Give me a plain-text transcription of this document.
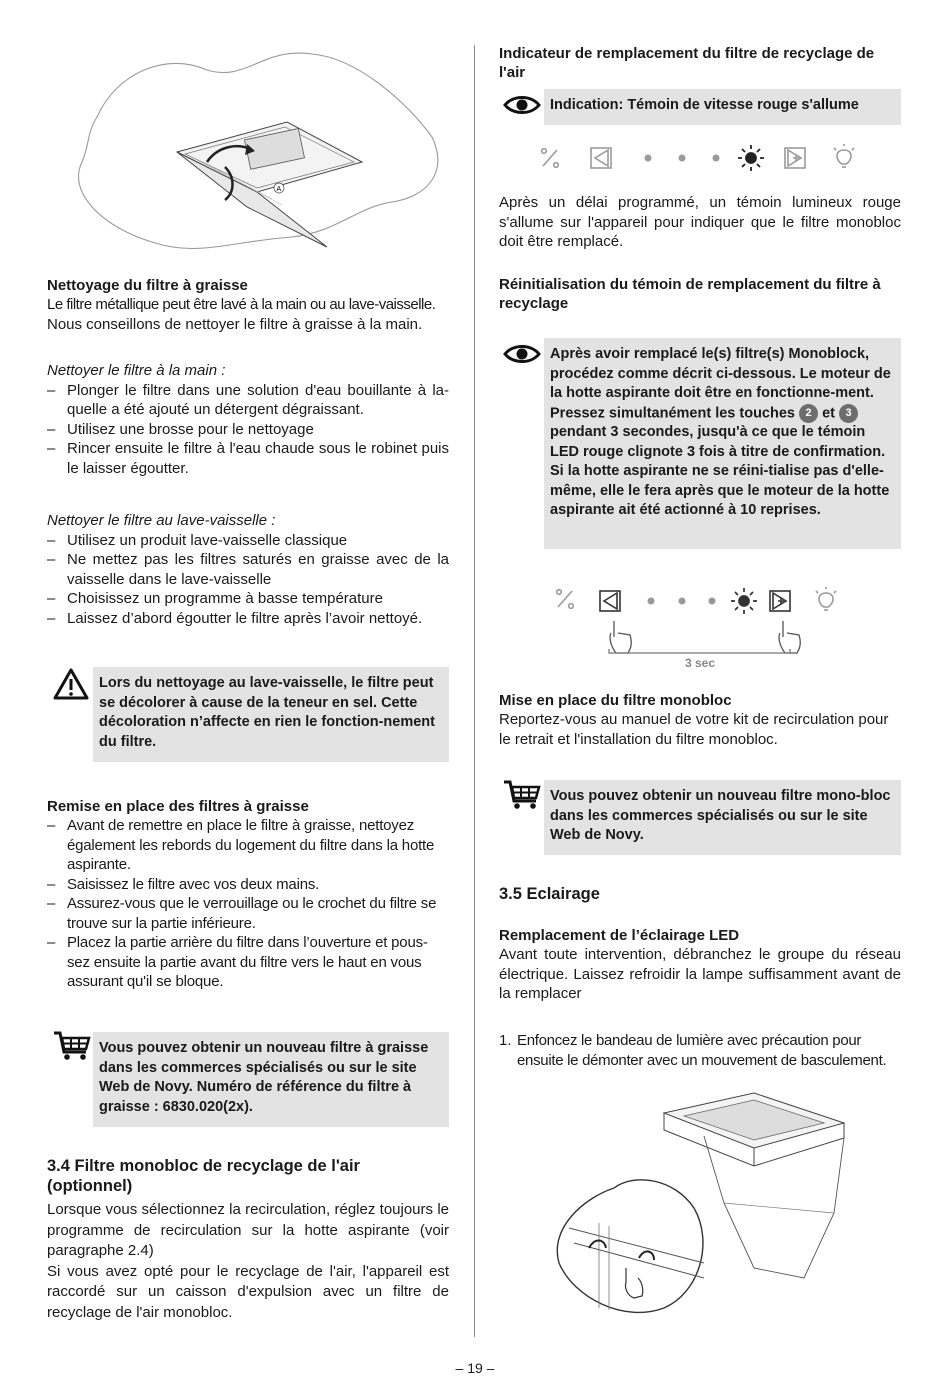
A
Nettoyage du filtre à graisse

Le filtre métallique peut être lavé à la main ou au lave-vaisselle.

Nous conseillons de nettoyer le filtre à graisse à la main.

Nettoyer le filtre à la main :

– Plonger le filtre dans une solution d'eau bouillante à la-quelle a été ajouté un détergent dégraissant.
– Utilisez une brosse pour le nettoyage
– Rincer ensuite le filtre à l'eau chaude sous le robinet puis le laisser égoutter.

Nettoyer le filtre au lave-vaisselle :

– Utilisez un produit lave-vaisselle classique
– Ne mettez pas les filtres saturés en graisse avec de la vaisselle dans le lave-vaisselle
– Choisissez un programme à basse température
– Laissez d’abord égoutter le filtre après l’avoir nettoyé.
Lors du nettoyage au lave-vaisselle, le filtre peut se décolorer à cause de la teneur en sel. Cette décoloration n’affecte en rien le fonction-nement du filtre.
Remise en place des filtres à graisse
– Avant de remettre en place le filtre à graisse, nettoyez également les rebords du logement du filtre dans la hotte aspirante.
– Saisissez le filtre avec vos deux mains.
– Assurez-vous que le verrouillage ou le crochet du filtre se trouve sur la partie inférieure.
– Placez la partie arrière du filtre dans l’ouverture et pous-sez ensuite la partie avant du filtre vers le haut en vous assurant qu'il se bloque.
Vous pouvez obtenir un nouveau filtre à graisse dans les commerces spécialisés ou sur le site Web de Novy. Numéro de référence du filtre à graisse : 6830.020(2x).
3.4 Filtre monobloc de recyclage de l'air (optionnel)

Lorsque vous sélectionnez la recirculation, réglez toujours le programme de recirculation sur la hotte aspirante (voir paragraphe 2.4)

Si vous avez opté pour le recyclage de l'air, l'appareil est raccordé sur un caisson d'expulsion avec un filtre de recyclage de l'air monobloc.

Indicateur de remplacement du filtre de recyclage de l'air
Indication: Témoin de vitesse rouge s'allume

Après un délai programmé, un témoin lumineux rouge s'allume sur l'appareil pour indiquer que le filtre monobloc doit être remplacé.

Réinitialisation du témoin de remplacement du filtre à recyclage
Après avoir remplacé le(s) filtre(s) Monoblock, procédez comme décrit ci-dessous. Le moteur de la hotte aspirante doit être en fonctionne-ment. Pressez simultanément les touches 2 et 3 pendant 3 secondes, jusqu'à ce que le témoin LED rouge clignote 3 fois à titre de confirmation. Si la hotte aspirante ne se réini-tialise pas d'elle-même, elle le fera après que le moteur de la hotte aspirante ait été actionné à 10 reprises.
3 sec
Mise en place du filtre monobloc

Reportez-vous au manuel de votre kit de recirculation pour le retrait et l'installation du filtre monobloc.

Vous pouvez obtenir un nouveau filtre mono-bloc dans les commerces spécialisés ou sur le site Web de Novy.
3.5 Eclairage
Remplacement de l’éclairage LED

Avant toute intervention, débranchez le groupe du réseau électrique. Laissez refroidir la lampe suffisamment avant de la remplacer

1. Enfoncez le bandeau de lumière avec précaution pour ensuite le démonter avec un mouvement de basculement.

– 19 –
